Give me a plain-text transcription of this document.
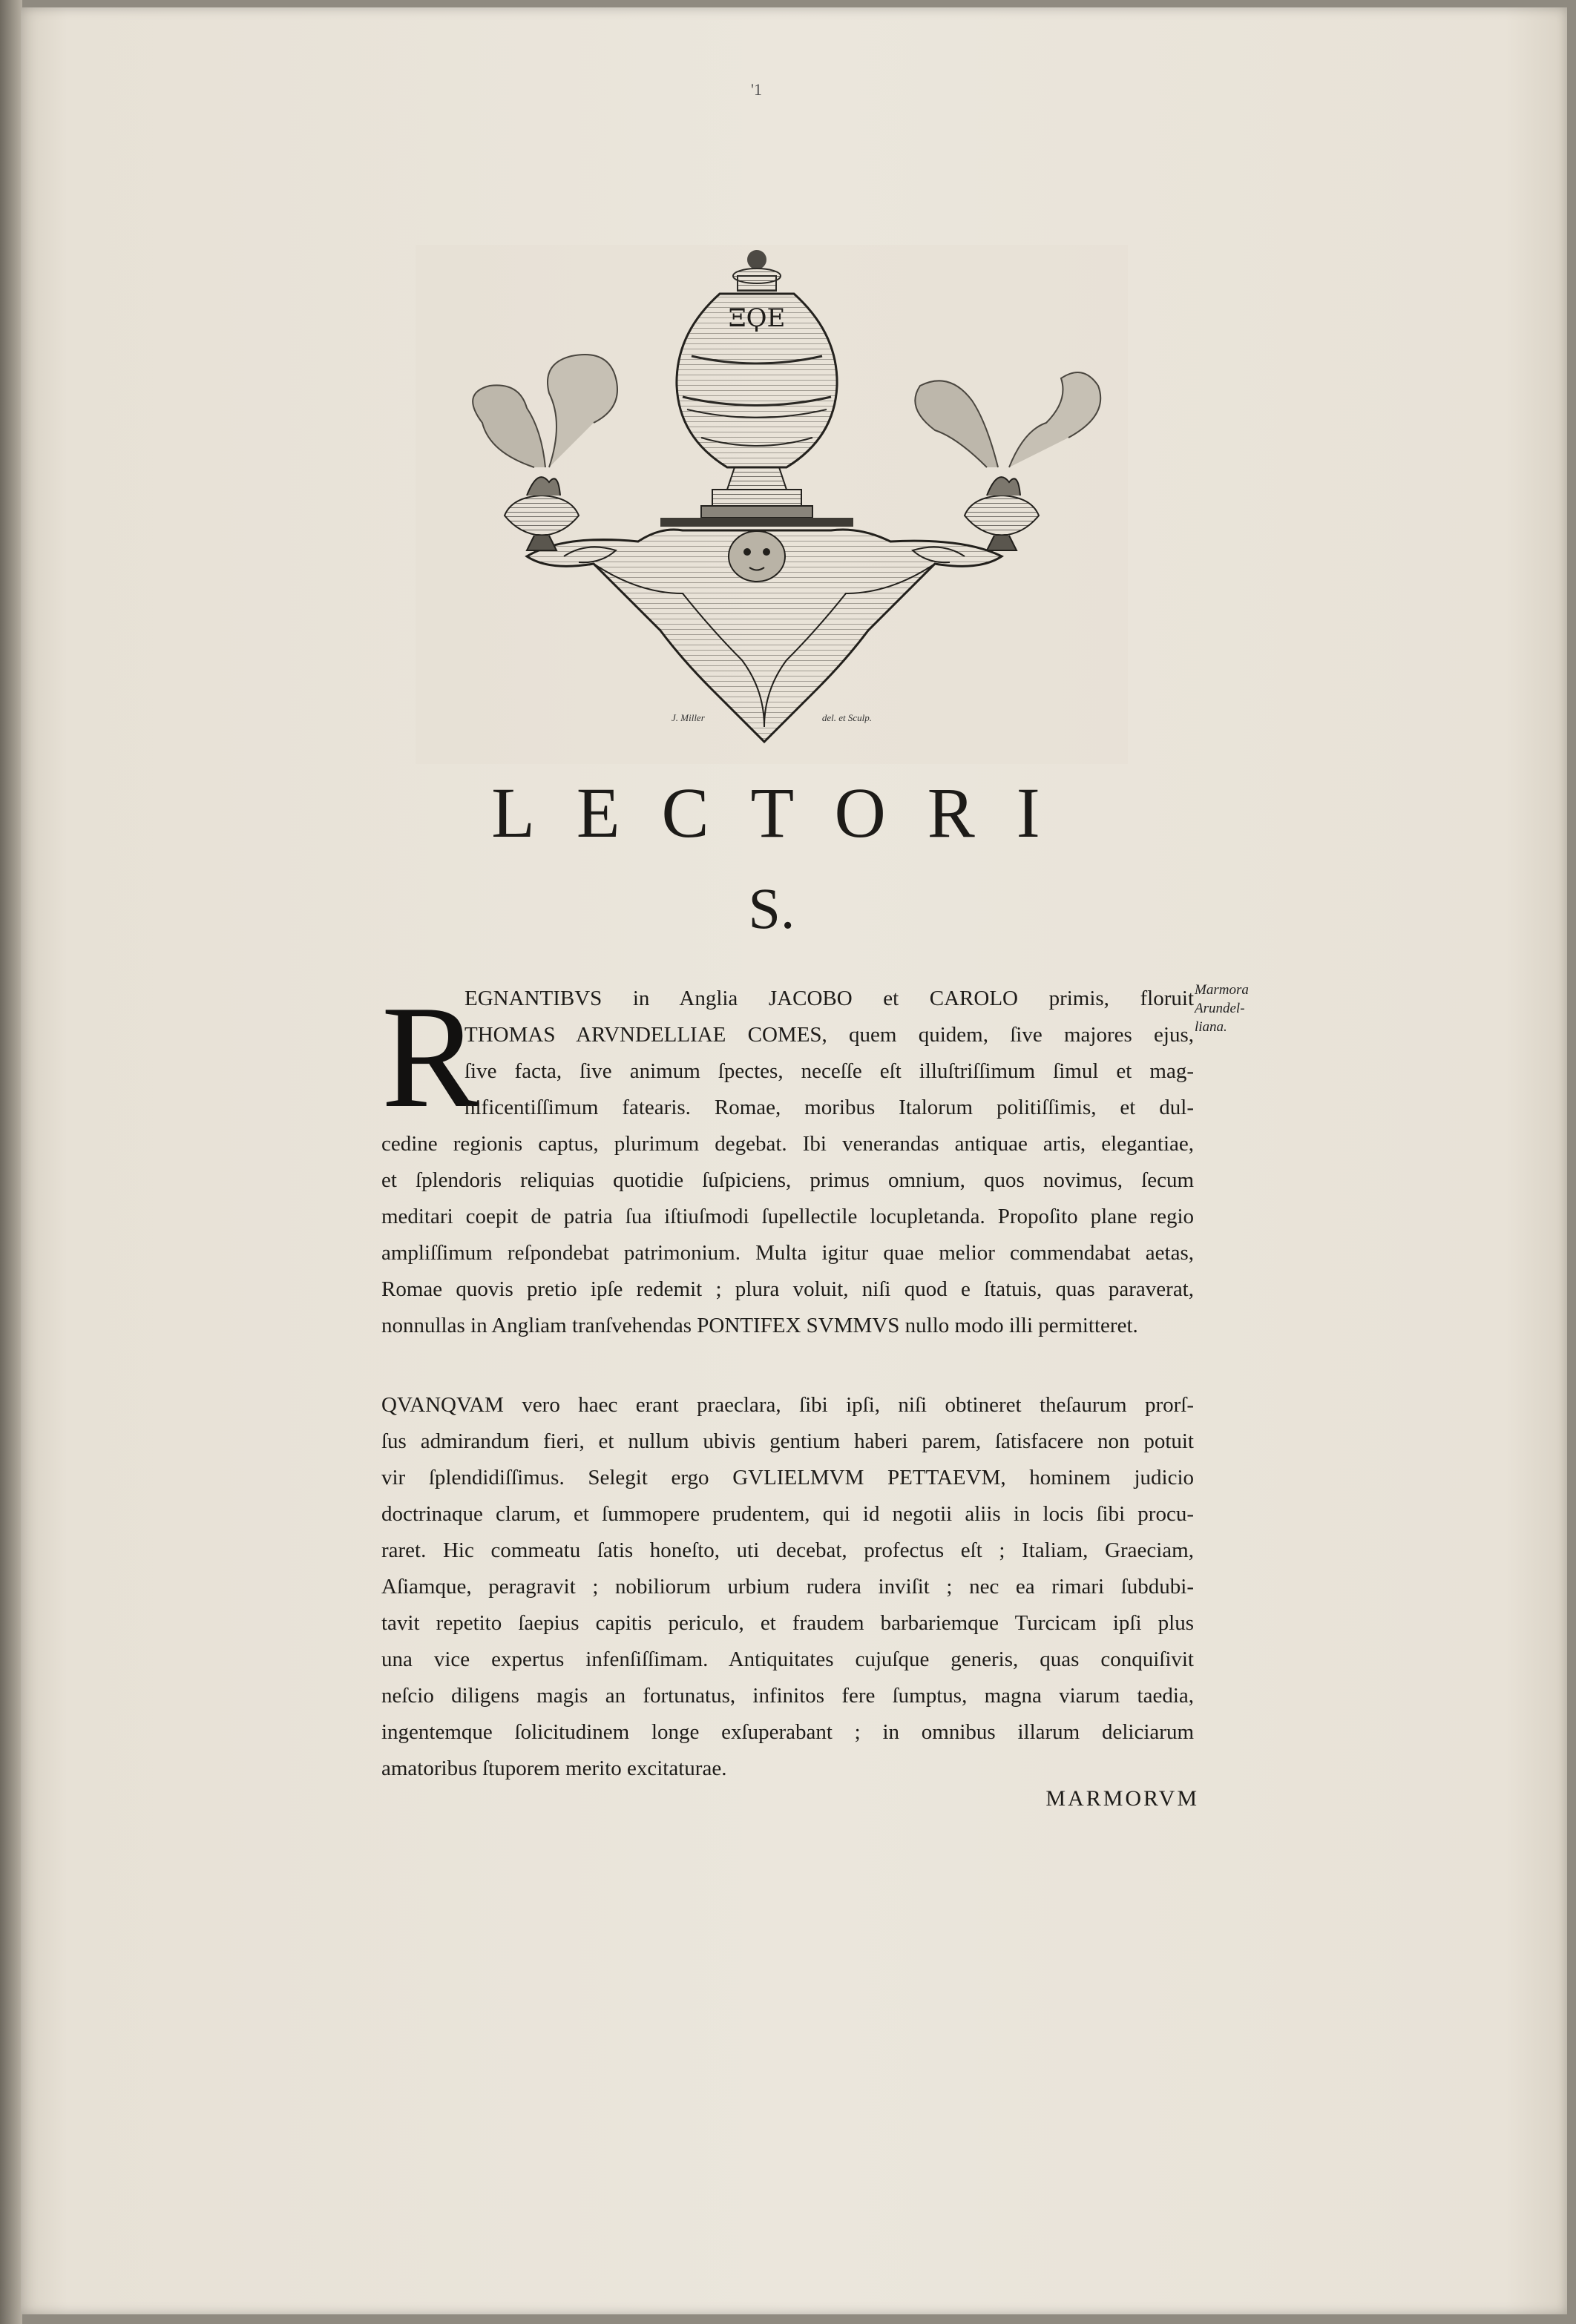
'1
ΞϘΕ
J. Miller	del. et Sculp.
LECTORI
S.
Marmora
Arundel-
liana.
R
EGNANTIBVS in Anglia JACOBO et CAROLO primis, floruit
THOMAS ARVNDELLIAE COMES, quem quidem, ſive majores ejus,
ſive facta, ſive animum ſpectes, neceſſe eſt illuſtriſſimum ſimul et mag-
nificentiſſimum fatearis. Romae, moribus Italorum politiſſimis, et dul-
cedine regionis captus, plurimum degebat. Ibi venerandas antiquae artis, elegantiae,
et ſplendoris reliquias quotidie ſuſpiciens, primus omnium, quos novimus, ſecum
meditari coepit de patria ſua iſtiuſmodi ſupellectile locupletanda. Propoſito plane regio
ampliſſimum reſpondebat patrimonium. Multa igitur quae melior commendabat aetas,
Romae quovis pretio ipſe redemit ; plura voluit, niſi quod e ſtatuis, quas paraverat,
nonnullas in Angliam tranſvehendas PONTIFEX SVMMVS nullo modo illi permitteret.
QVANQVAM vero haec erant praeclara, ſibi ipſi, niſi obtineret theſaurum prorſ-
ſus admirandum fieri, et nullum ubivis gentium haberi parem, ſatisfacere non potuit
vir ſplendidiſſimus. Selegit ergo GVLIELMVM PETTAEVM, hominem judicio
doctrinaque clarum, et ſummopere prudentem, qui id negotii aliis in locis ſibi procu-
raret. Hic commeatu ſatis honeſto, uti decebat, profectus eſt ; Italiam, Graeciam,
Aſiamque, peragravit ; nobiliorum urbium rudera inviſit ; nec ea rimari ſubdubi-
tavit repetito ſaepius capitis periculo, et fraudem barbariemque Turcicam ipſi plus
una vice expertus infenſiſſimam. Antiquitates cujuſque generis, quas conquiſivit
neſcio diligens magis an fortunatus, infinitos fere ſumptus, magna viarum taedia,
ingentemque ſolicitudinem longe exſuperabant ; in omnibus illarum deliciarum
amatoribus ſtuporem merito excitaturae.
MARMORVM
